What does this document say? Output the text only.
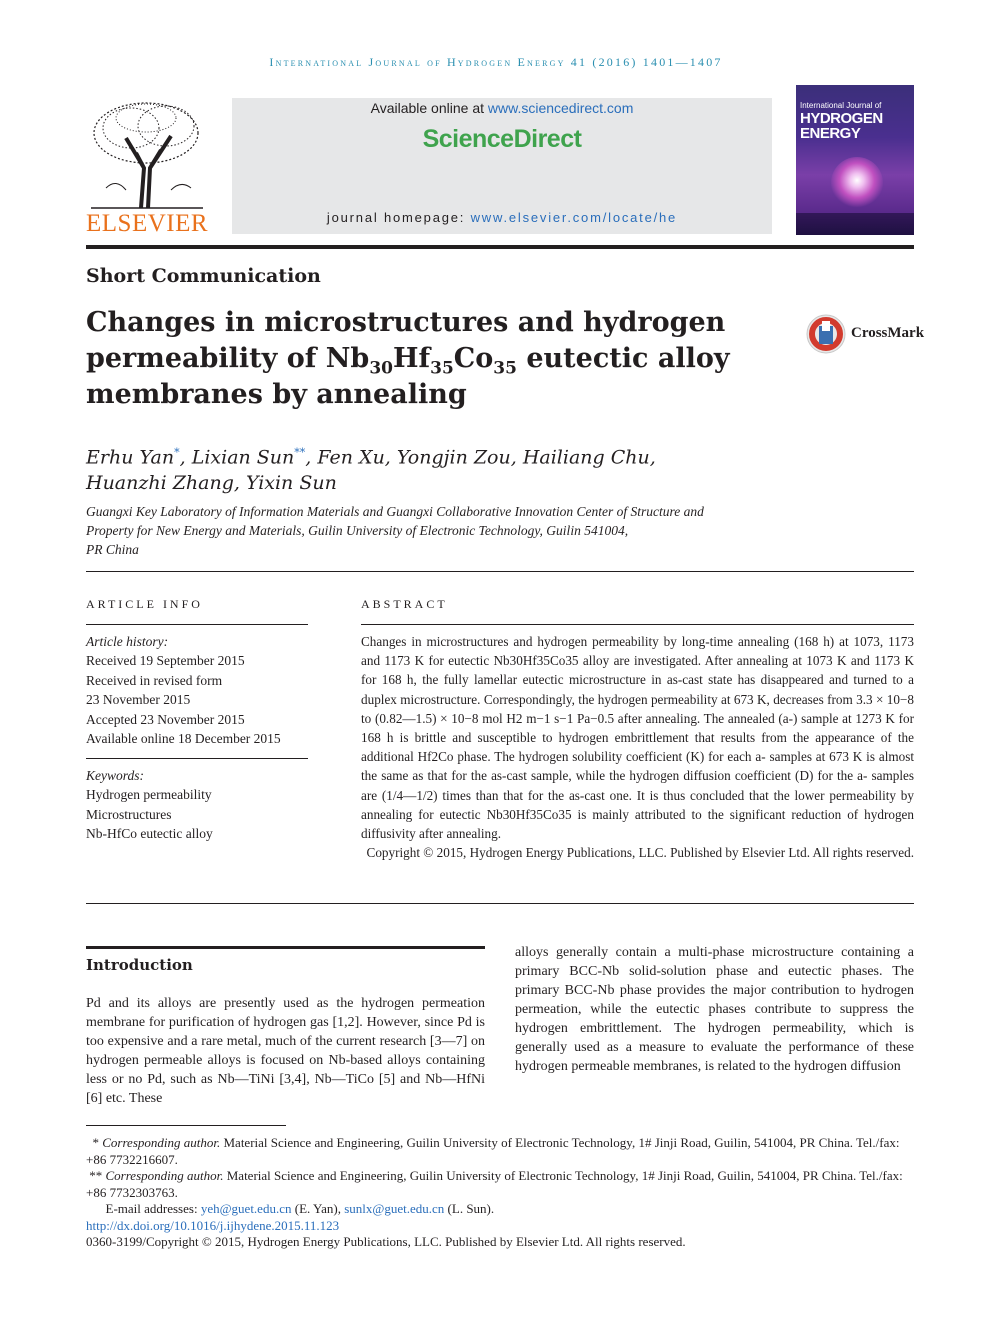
International Journal of Hydrogen Energy 41 (2016) 1401—1407
ELSEVIER
Available online at www.sciencedirect.com
ScienceDirect
journal homepage: www.elsevier.com/locate/he
International Journal of
HYDROGEN
ENERGY
Short Communication
Changes in microstructures and hydrogen permeability of $Nb_{30}Hf_{35}Co_{35}$ eutectic alloy membranes by annealing
CrossMark
Erhu Yan*, Lixian Sun**, Fen Xu, Yongjin Zou, Hailiang Chu,
Huanzhi Zhang, Yixin Sun
Guangxi Key Laboratory of Information Materials and Guangxi Collaborative Innovation Center of Structure and
Property for New Energy and Materials, Guilin University of Electronic Technology, Guilin 541004,
PR China
ARTICLE INFO
Article history:
Received 19 September 2015
Received in revised form
23 November 2015
Accepted 23 November 2015
Available online 18 December 2015
Keywords:
Hydrogen permeability
Microstructures
Nb-HfCo eutectic alloy
ABSTRACT

Changes in microstructures and hydrogen permeability by long-time annealing (168 h) at 1073, 1173 and 1173 K for eutectic Nb30Hf35Co35 alloy are investigated. After annealing at 1073 K and 1173 K for 168 h, the fully lamellar eutectic microstructure in as-cast state has disappeared and turned to a duplex microstructure. Correspondingly, the hydrogen permeability at 673 K, decreases from 3.3 × 10−8 to (0.82—1.5) × 10−8 mol H2 m−1 s−1 Pa−0.5 after annealing. The annealed (a-) sample at 1273 K for 168 h is brittle and susceptible to hydrogen embrittlement that results from the appearance of the additional Hf2Co phase. The hydrogen solubility coefficient (K) for each a- samples at 673 K is almost the same as that for the as-cast sample, while the hydrogen diffusion coefficient (D) for the a- samples are (1/4—1/2) times than that for the as-cast one. It is thus concluded that the lower permeability by annealing for eutectic Nb30Hf35Co35 is mainly attributed to the significant reduction of hydrogen diffusivity after annealing.

Copyright © 2015, Hydrogen Energy Publications, LLC. Published by Elsevier Ltd. All rights reserved.

Introduction

Pd and its alloys are presently used as the hydrogen permeation membrane for purification of hydrogen gas [1,2]. However, since Pd is too expensive and a rare metal, much of the current research [3—7] on hydrogen permeable alloys is focused on Nb-based alloys containing less or no Pd, such as Nb—TiNi [3,4], Nb—TiCo [5] and Nb—HfNi [6] etc. These

alloys generally contain a multi-phase microstructure containing a primary BCC-Nb solid-solution phase and eutectic phases. The primary BCC-Nb phase provides the major contribution to hydrogen permeation, while the eutectic phases contribute to suppress the hydrogen embrittlement. The hydrogen permeability, which is generally used as a measure to evaluate the performance of these hydrogen permeable membranes, is related to the hydrogen diffusion

* Corresponding author. Material Science and Engineering, Guilin University of Electronic Technology, 1# Jinji Road, Guilin, 541004, PR China. Tel./fax: +86 7732216607.

** Corresponding author. Material Science and Engineering, Guilin University of Electronic Technology, 1# Jinji Road, Guilin, 541004, PR China. Tel./fax: +86 7732303763.

E-mail addresses: yeh@guet.edu.cn (E. Yan), sunlx@guet.edu.cn (L. Sun).

http://dx.doi.org/10.1016/j.ijhydene.2015.11.123

0360-3199/Copyright © 2015, Hydrogen Energy Publications, LLC. Published by Elsevier Ltd. All rights reserved.
